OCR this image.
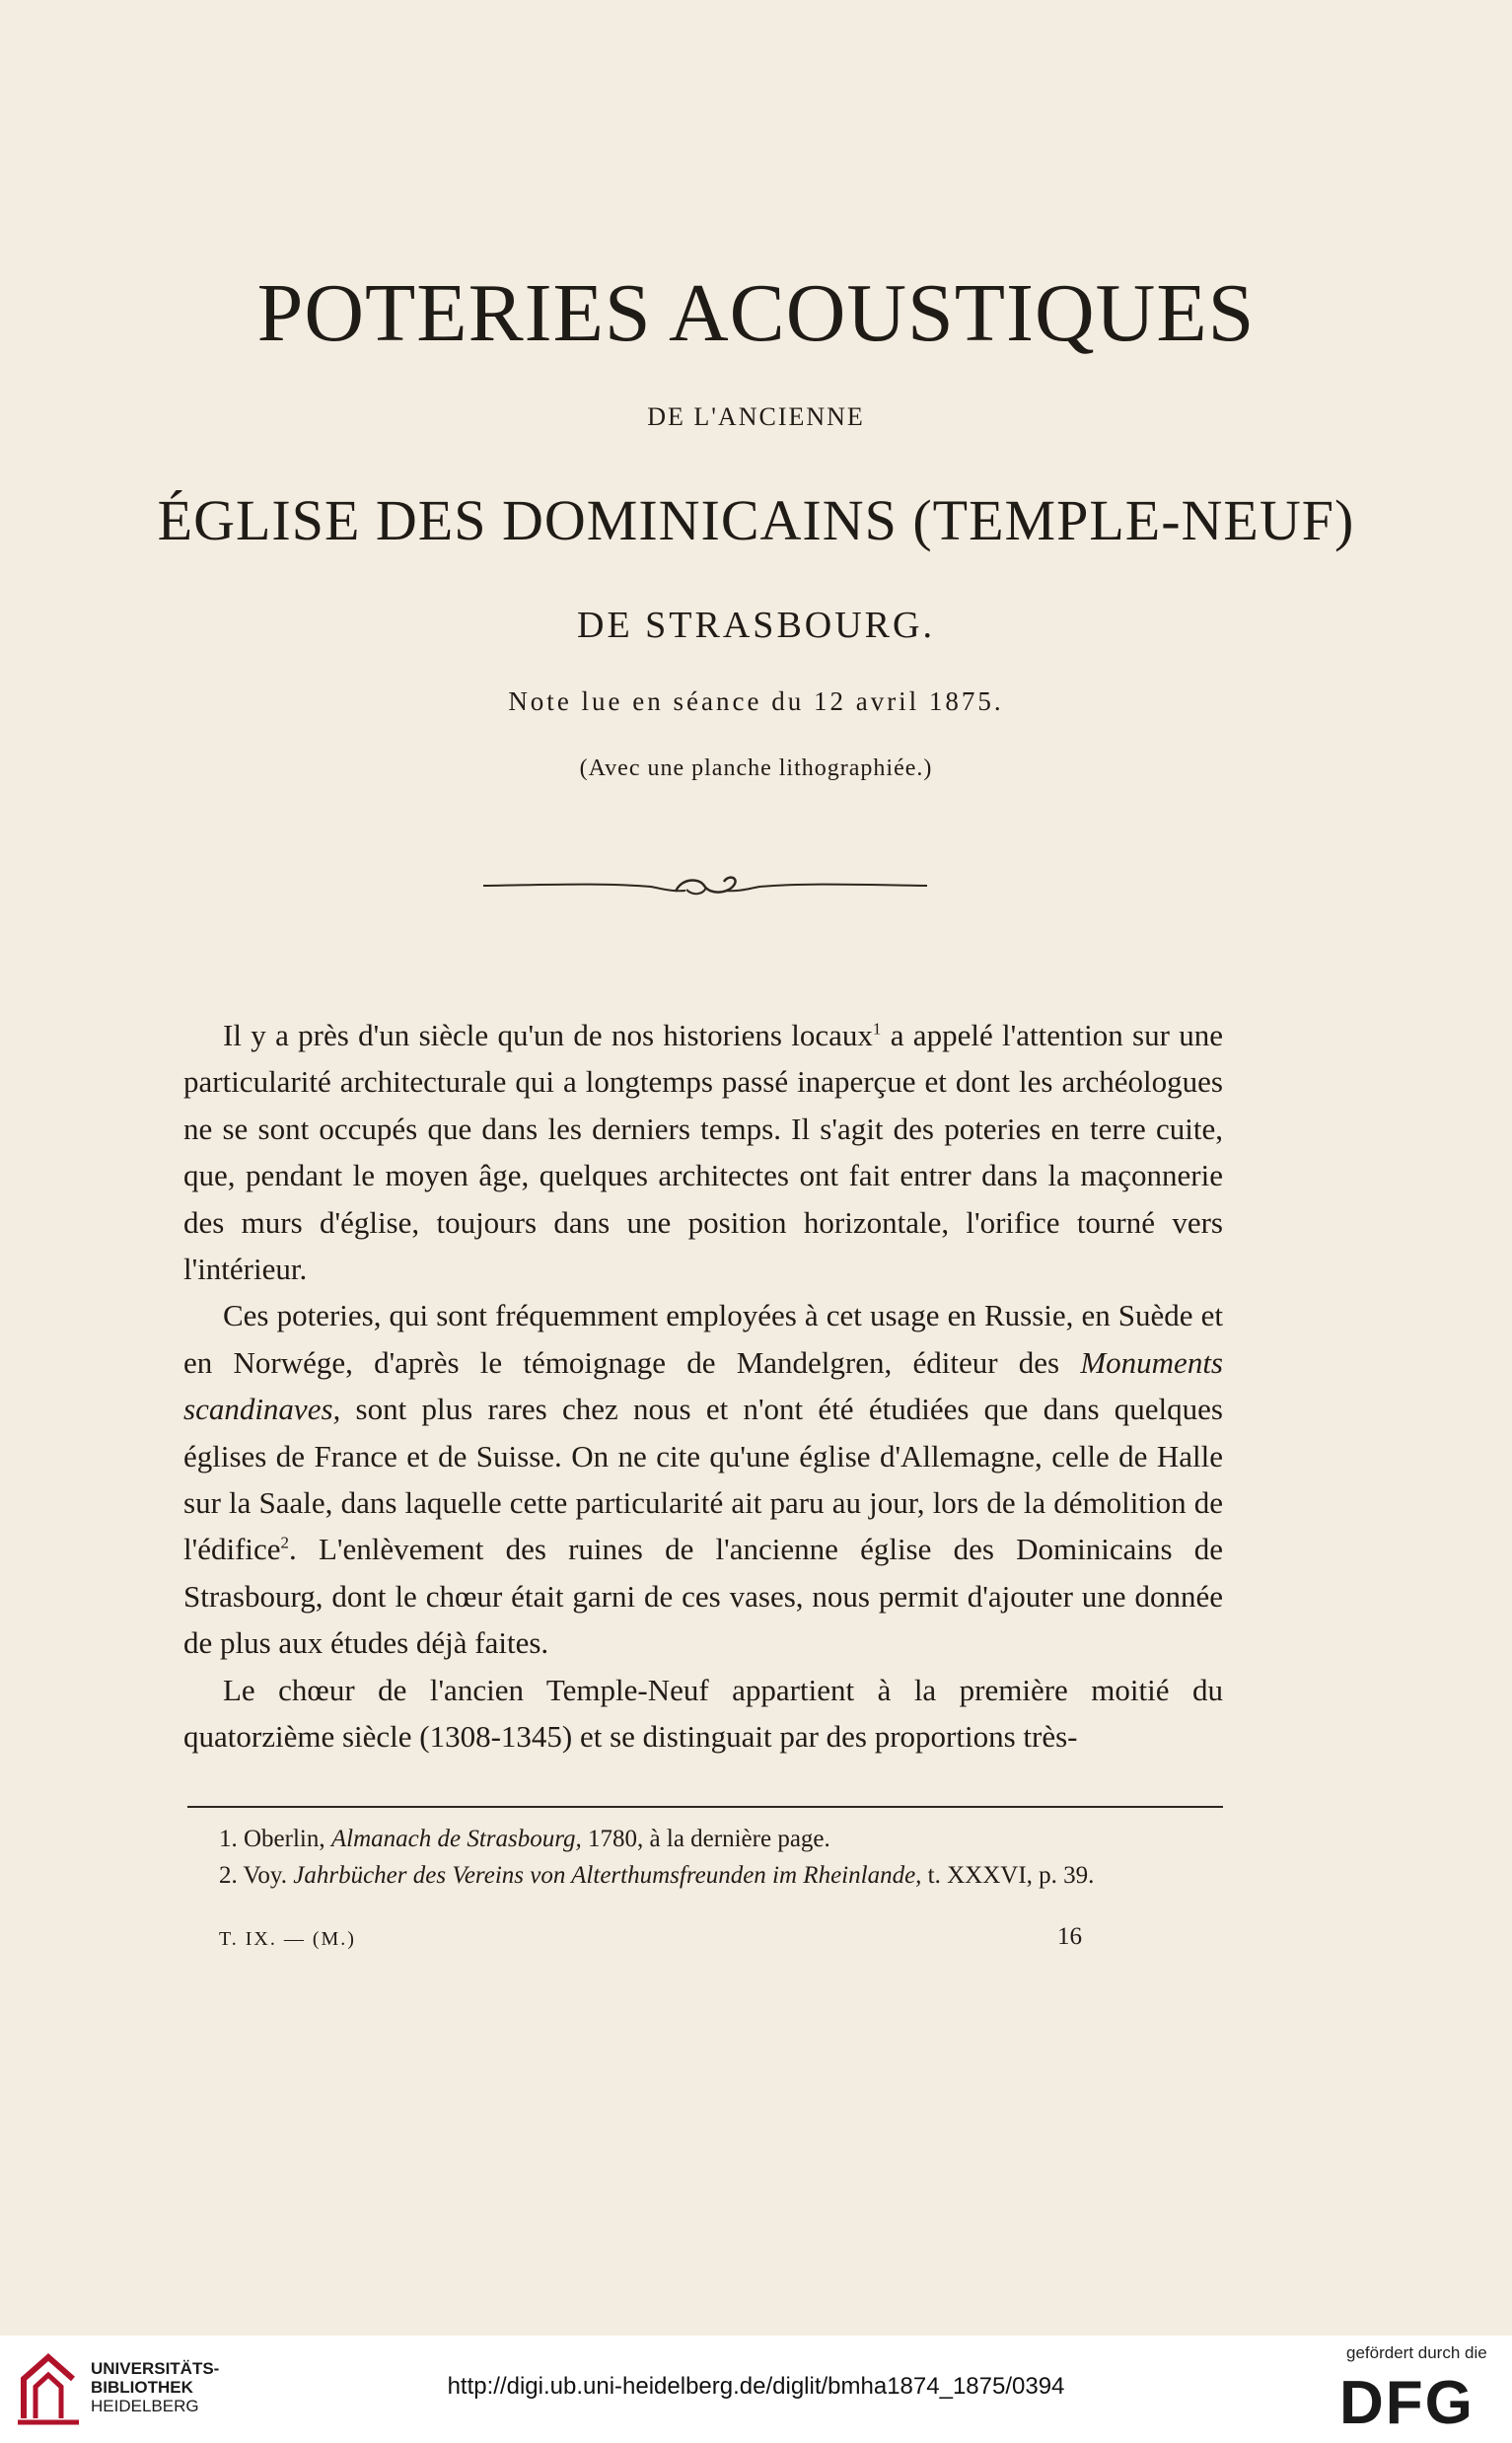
POTERIES ACOUSTIQUES
DE L'ANCIENNE
ÉGLISE DES DOMINICAINS (TEMPLE-NEUF)
DE STRASBOURG.
Note lue en séance du 12 avril 1875.
(Avec une planche lithographiée.)

Il y a près d'un siècle qu'un de nos historiens locaux$^1$ a appelé l'attention sur une particularité architecturale qui a longtemps passé inaperçue et dont les archéologues ne se sont occupés que dans les derniers temps. Il s'agit des poteries en terre cuite, que, pendant le moyen âge, quelques architectes ont fait entrer dans la maçonnerie des murs d'église, toujours dans une position horizontale, l'orifice tourné vers l'intérieur.

Ces poteries, qui sont fréquemment employées à cet usage en Russie, en Suède et en Norwége, d'après le témoignage de Mandelgren, éditeur des Monuments scandinaves, sont plus rares chez nous et n'ont été étudiées que dans quelques églises de France et de Suisse. On ne cite qu'une église d'Allemagne, celle de Halle sur la Saale, dans laquelle cette particularité ait paru au jour, lors de la démolition de l'édifice$^2$. L'enlèvement des ruines de l'ancienne église des Dominicains de Strasbourg, dont le chœur était garni de ces vases, nous permit d'ajouter une donnée de plus aux études déjà faites.

Le chœur de l'ancien Temple-Neuf appartient à la première moitié du quatorzième siècle (1308-1345) et se distinguait par des proportions très-

1. Oberlin, Almanach de Strasbourg, 1780, à la dernière page.

2. Voy. Jahrbücher des Vereins von Alterthumsfreunden im Rheinlande, t. XXXVI, p. 39.

T. IX. — (M.)	16
UNIVERSITÄTS-
BIBLIOTHEK
HEIDELBERG
http://digi.ub.uni-heidelberg.de/diglit/bmha1874_1875/0394
gefördert durch die
DFG
